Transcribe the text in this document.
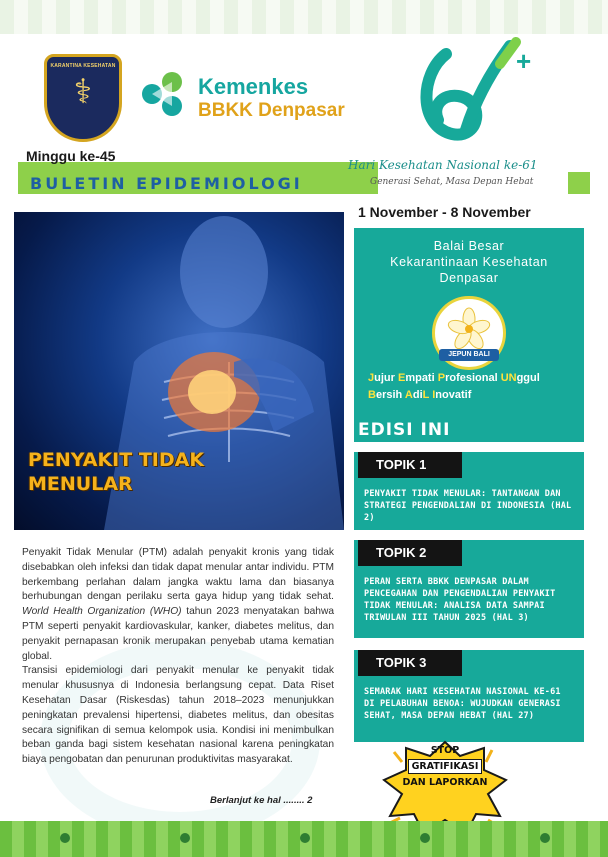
KARANTINA KESEHATAN
⚕	Kemenkes
BBKK Denpasar
Minggu ke-45
BULETIN EPIDEMIOLOGI
+
Hari Kesehatan Nasional ke-61
Generasi Sehat, Masa Depan Hebat
1 November - 8 November
PENYAKIT TIDAK
MENULAR
Balai Besar
Kekarantinaan Kesehatan
Denpasar
JEPUN BALI
Jujur Empati Profesional UNggul
Bersih AdiL Inovatif
EDISI INI
TOPIK 1
PENYAKIT TIDAK MENULAR: TANTANGAN DAN STRATEGI PENGENDALIAN DI INDONESIA (HAL 2)
TOPIK 2
PERAN SERTA BBKK DENPASAR DALAM PENCEGAHAN DAN PENGENDALIAN PENYAKIT TIDAK MENULAR: ANALISA DATA SAMPAI TRIWULAN III TAHUN 2025 (HAL 3)
TOPIK 3
SEMARAK HARI KESEHATAN NASIONAL KE-61 DI PELABUHAN BENOA: WUJUDKAN GENERASI SEHAT, MASA DEPAN HEBAT (HAL 27)

Penyakit Tidak Menular (PTM) adalah penyakit kronis yang tidak disebabkan oleh infeksi dan tidak dapat menular antar individu. PTM berkembang perlahan dalam jangka waktu lama dan biasanya berhubungan dengan perilaku serta gaya hidup yang tidak sehat. World Health Organization (WHO) tahun 2023 menyatakan bahwa PTM seperti penyakit kardiovaskular, kanker, diabetes melitus, dan penyakit pernapasan kronik merupakan penyebab utama kematian global.

Transisi epidemiologi dari penyakit menular ke penyakit tidak menular khususnya di Indonesia berlangsung cepat. Data Riset Kesehatan Dasar (Riskesdas) tahun 2018–2023 menunjukkan peningkatan prevalensi hipertensi, diabetes melitus, dan obesitas secara signifikan di semua kelompok usia. Kondisi ini menimbulkan beban ganda bagi sistem kesehatan nasional karena peningkatan biaya pengobatan dan penurunan produktivitas masyarakat.

Berlanjut ke hal ........ 2
STOP
GRATIFIKASI
DAN LAPORKAN
